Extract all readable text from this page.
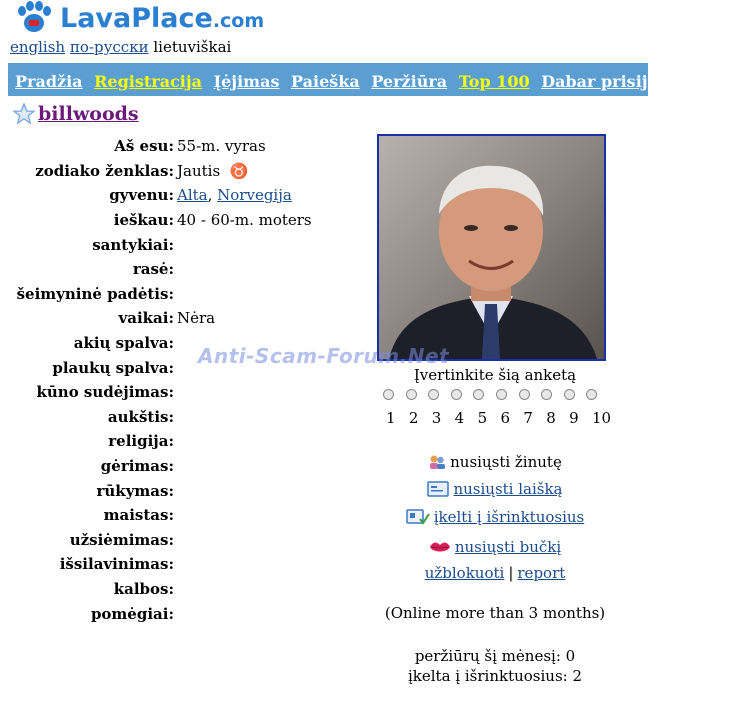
LavaPlace.com
english по-русски lietuviškai
Pradžia Registracija Įėjimas Paieška Peržiūra Top 100 Dabar prisijungę Kelio
billwoods
Aš esu: 55-m. vyras
zodiako ženklas: Jautis  ♉
gyvenu: Alta, Norvegija
ieškau: 40 - 60-m. moters
santykiai:
rasė:
šeimyninė padėtis:
vaikai: Nėra
akių spalva:
plaukų spalva:
kūno sudėjimas:
aukštis:
religija:
gėrimas:
rūkymas:
maistas:
užsiėmimas:
išsilavinimas:
kalbos:
pomėgiai:
Anti-Scam-Forum.Net
Įvertinkite šią anketą
1 2 3 4 5 6 7 8 9 10
nusiųsti žinutę
nusiųsti laišką
įkelti į išrinktuosius
nusiųsti bučkį
užblokuoti | report
(Online more than 3 months)
peržiūrų šį mėnesį: 0
įkelta į išrinktuosius: 2
